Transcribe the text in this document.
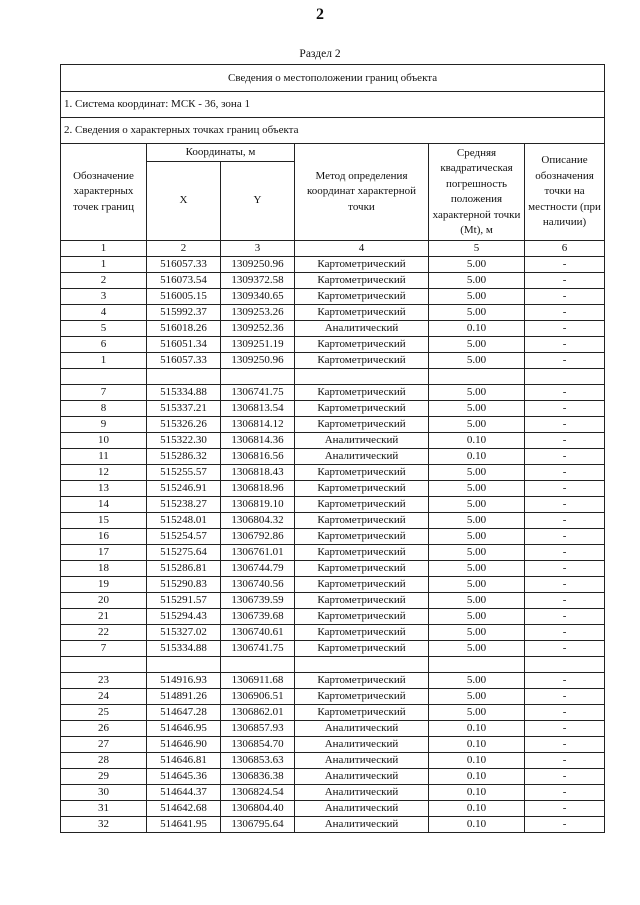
2
Раздел 2
Сведения о местоположении границ объекта					
1. Система координат: МСК - 36, зона 1					
2. Сведения о характерных точках границ объекта					
Обозначение характерных точек границ	Координаты, м		Метод определения координат характерной точки	Средняя квадратическая погрешность положения характерной точки (Mt), м	Описание обозначения точки на местности (при наличии)
	X	Y			
1	2	3	4	5	6
1	516057.33	1309250.96	Картометрический	5.00	-
2	516073.54	1309372.58	Картометрический	5.00	-
3	516005.15	1309340.65	Картометрический	5.00	-
4	515992.37	1309253.26	Картометрический	5.00	-
5	516018.26	1309252.36	Аналитический	0.10	-
6	516051.34	1309251.19	Картометрический	5.00	-
1	516057.33	1309250.96	Картометрический	5.00	-

7	515334.88	1306741.75	Картометрический	5.00	-
8	515337.21	1306813.54	Картометрический	5.00	-
9	515326.26	1306814.12	Картометрический	5.00	-
10	515322.30	1306814.36	Аналитический	0.10	-
11	515286.32	1306816.56	Аналитический	0.10	-
12	515255.57	1306818.43	Картометрический	5.00	-
13	515246.91	1306818.96	Картометрический	5.00	-
14	515238.27	1306819.10	Картометрический	5.00	-
15	515248.01	1306804.32	Картометрический	5.00	-
16	515254.57	1306792.86	Картометрический	5.00	-
17	515275.64	1306761.01	Картометрический	5.00	-
18	515286.81	1306744.79	Картометрический	5.00	-
19	515290.83	1306740.56	Картометрический	5.00	-
20	515291.57	1306739.59	Картометрический	5.00	-
21	515294.43	1306739.68	Картометрический	5.00	-
22	515327.02	1306740.61	Картометрический	5.00	-
7	515334.88	1306741.75	Картометрический	5.00	-

23	514916.93	1306911.68	Картометрический	5.00	-
24	514891.26	1306906.51	Картометрический	5.00	-
25	514647.28	1306862.01	Картометрический	5.00	-
26	514646.95	1306857.93	Аналитический	0.10	-
27	514646.90	1306854.70	Аналитический	0.10	-
28	514646.81	1306853.63	Аналитический	0.10	-
29	514645.36	1306836.38	Аналитический	0.10	-
30	514644.37	1306824.54	Аналитический	0.10	-
31	514642.68	1306804.40	Аналитический	0.10	-
32	514641.95	1306795.64	Аналитический	0.10	-
